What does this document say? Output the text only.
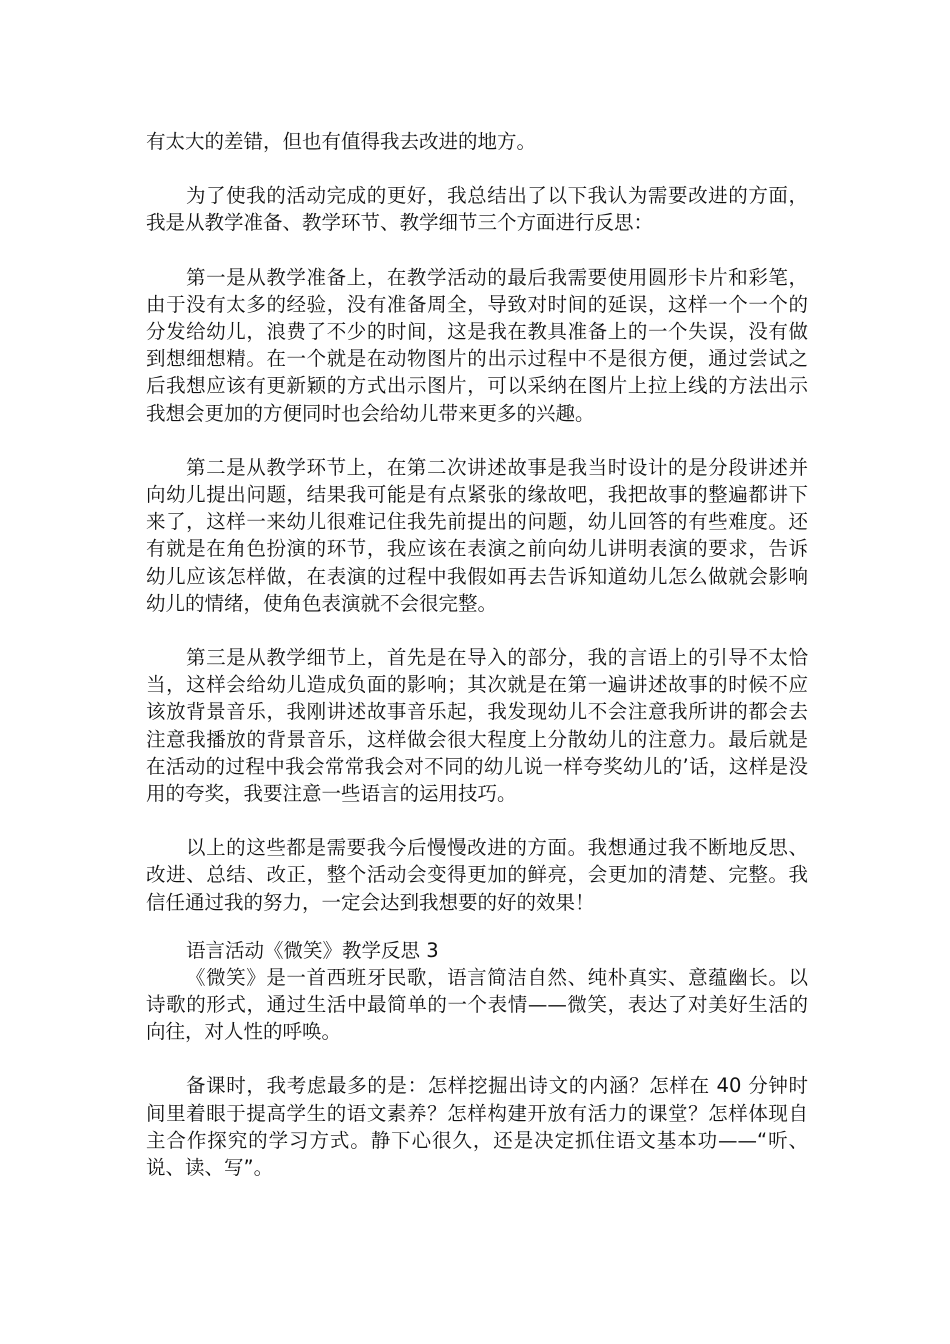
有太大的差错，但也有值得我去改进的地方。

为了使我的活动完成的更好，我总结出了以下我认为需要改进的方面，我是从教学准备、教学环节、教学细节三个方面进行反思：

第一是从教学准备上，在教学活动的最后我需要使用圆形卡片和彩笔，由于没有太多的经验，没有准备周全，导致对时间的延误，这样一个一个的分发给幼儿，浪费了不少的时间，这是我在教具准备上的一个失误，没有做到想细想精。在一个就是在动物图片的出示过程中不是很方便，通过尝试之后我想应该有更新颖的方式出示图片，可以采纳在图片上拉上线的方法出示我想会更加的方便同时也会给幼儿带来更多的兴趣。

第二是从教学环节上，在第二次讲述故事是我当时设计的是分段讲述并向幼儿提出问题，结果我可能是有点紧张的缘故吧，我把故事的整遍都讲下来了，这样一来幼儿很难记住我先前提出的问题，幼儿回答的有些难度。还有就是在角色扮演的环节，我应该在表演之前向幼儿讲明表演的要求，告诉幼儿应该怎样做，在表演的过程中我假如再去告诉知道幼儿怎么做就会影响幼儿的情绪，使角色表演就不会很完整。

第三是从教学细节上，首先是在导入的部分，我的言语上的引导不太恰当，这样会给幼儿造成负面的影响；其次就是在第一遍讲述故事的时候不应该放背景音乐，我刚讲述故事音乐起，我发现幼儿不会注意我所讲的都会去注意我播放的背景音乐，这样做会很大程度上分散幼儿的注意力。最后就是在活动的过程中我会常常我会对不同的幼儿说一样夸奖幼儿的’话，这样是没用的夸奖，我要注意一些语言的运用技巧。

以上的这些都是需要我今后慢慢改进的方面。我想通过我不断地反思、改进、总结、改正，整个活动会变得更加的鲜亮，会更加的清楚、完整。我信任通过我的努力，一定会达到我想要的好的效果！

语言活动《微笑》教学反思 3

《微笑》是一首西班牙民歌，语言简洁自然、纯朴真实、意蕴幽长。以诗歌的形式，通过生活中最简单的一个表情——微笑，表达了对美好生活的向往，对人性的呼唤。

备课时，我考虑最多的是：怎样挖掘出诗文的内涵？怎样在 40 分钟时间里着眼于提高学生的语文素养？怎样构建开放有活力的课堂？怎样体现自主合作探究的学习方式。静下心很久，还是决定抓住语文基本功——“听、说、读、写”。
